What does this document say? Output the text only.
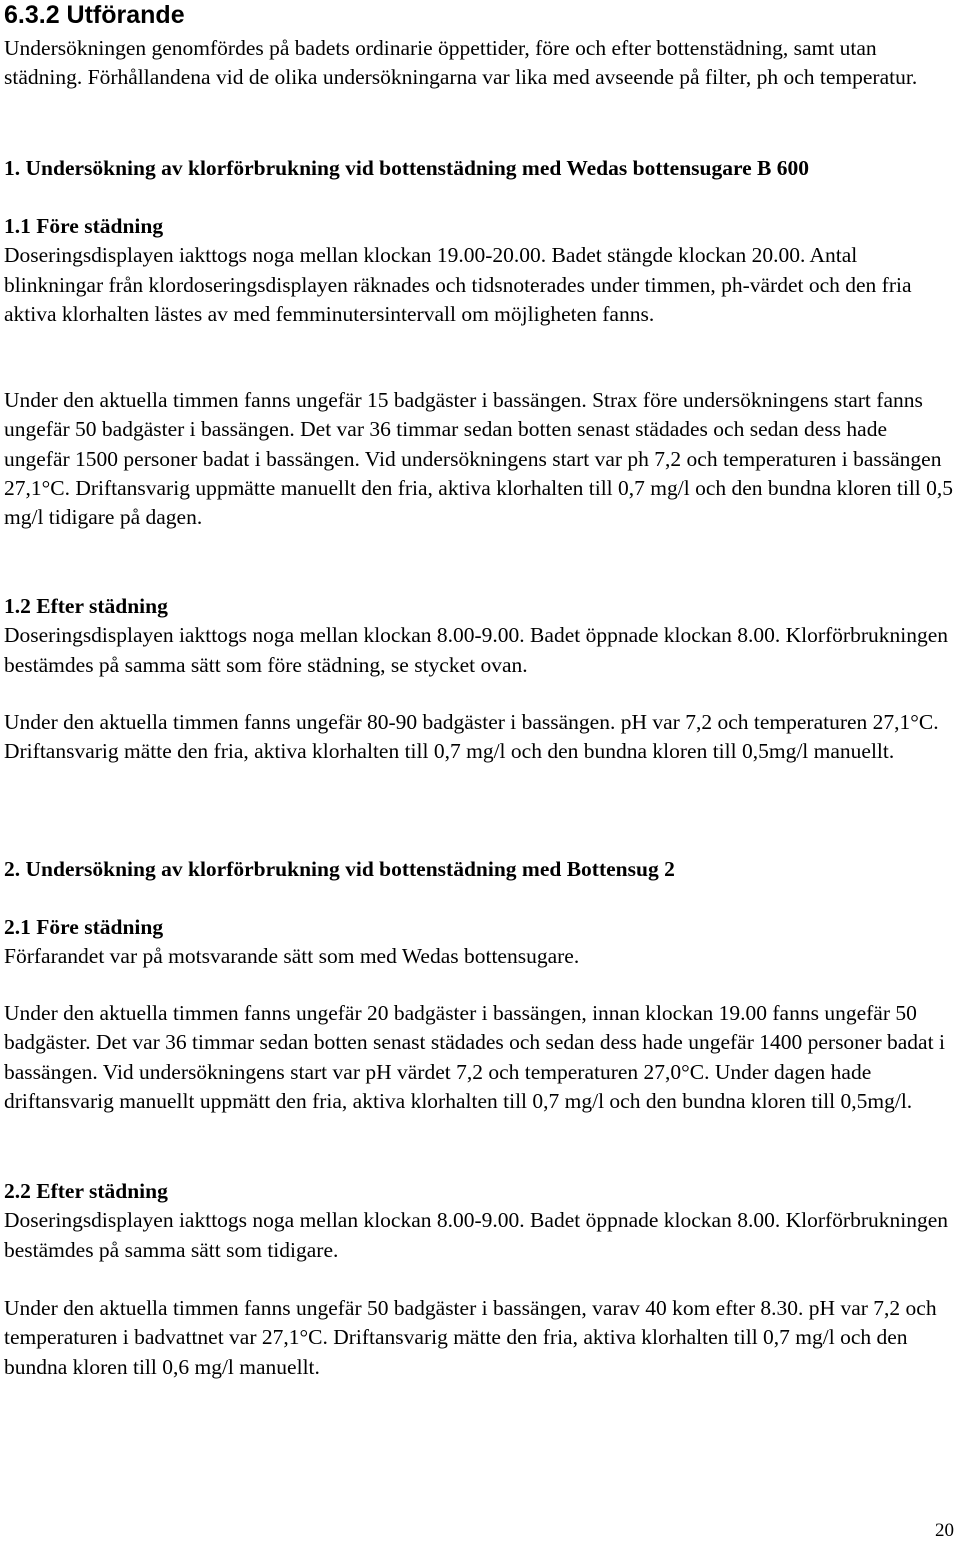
6.3.2 Utförande

Undersökningen genomfördes på badets ordinarie öppettider, före och efter bottenstädning, samt utan städning. Förhållandena vid de olika undersökningarna var lika med avseende på filter, ph och temperatur.

1. Undersökning av klorförbrukning vid bottenstädning med Wedas bottensugare B 600

1.1 Före städning

Doseringsdisplayen iakttogs noga mellan klockan 19.00-20.00. Badet stängde klockan 20.00. Antal blinkningar från klordoseringsdisplayen räknades och tidsnoterades under timmen, ph-värdet och den fria aktiva klorhalten lästes av med femminutersintervall om möjligheten fanns.

Under den aktuella timmen fanns ungefär 15 badgäster i bassängen. Strax före undersökningens start fanns ungefär 50 badgäster i bassängen. Det var 36 timmar sedan botten senast städades och sedan dess hade ungefär 1500 personer badat i bassängen. Vid undersökningens start var ph 7,2 och temperaturen i bassängen 27,1°C. Driftansvarig uppmätte manuellt den fria, aktiva klorhalten till 0,7 mg/l och den bundna kloren till 0,5 mg/l tidigare på dagen.

1.2 Efter städning

Doseringsdisplayen iakttogs noga mellan klockan 8.00-9.00. Badet öppnade klockan 8.00. Klorförbrukningen bestämdes på samma sätt som före städning, se stycket ovan.

Under den aktuella timmen fanns ungefär 80-90 badgäster i bassängen. pH var 7,2 och temperaturen 27,1°C. Driftansvarig mätte den fria, aktiva klorhalten till 0,7 mg/l och den bundna kloren till 0,5mg/l manuellt.

2. Undersökning av klorförbrukning vid bottenstädning med Bottensug 2

2.1 Före städning

Förfarandet var på motsvarande sätt som med Wedas bottensugare.

Under den aktuella timmen fanns ungefär 20 badgäster i bassängen, innan klockan 19.00 fanns ungefär 50 badgäster. Det var 36 timmar sedan botten senast städades och sedan dess hade ungefär 1400 personer badat i bassängen. Vid undersökningens start var pH värdet 7,2 och temperaturen 27,0°C. Under dagen hade driftansvarig manuellt uppmätt den fria, aktiva klorhalten till 0,7 mg/l och den bundna kloren till 0,5mg/l.

2.2 Efter städning

Doseringsdisplayen iakttogs noga mellan klockan 8.00-9.00. Badet öppnade klockan 8.00. Klorförbrukningen bestämdes på samma sätt som tidigare.

Under den aktuella timmen fanns ungefär 50 badgäster i bassängen, varav 40 kom efter 8.30. pH var 7,2 och temperaturen i badvattnet var 27,1°C. Driftansvarig mätte den fria, aktiva klorhalten till 0,7 mg/l och den bundna kloren till 0,6 mg/l manuellt.

20
